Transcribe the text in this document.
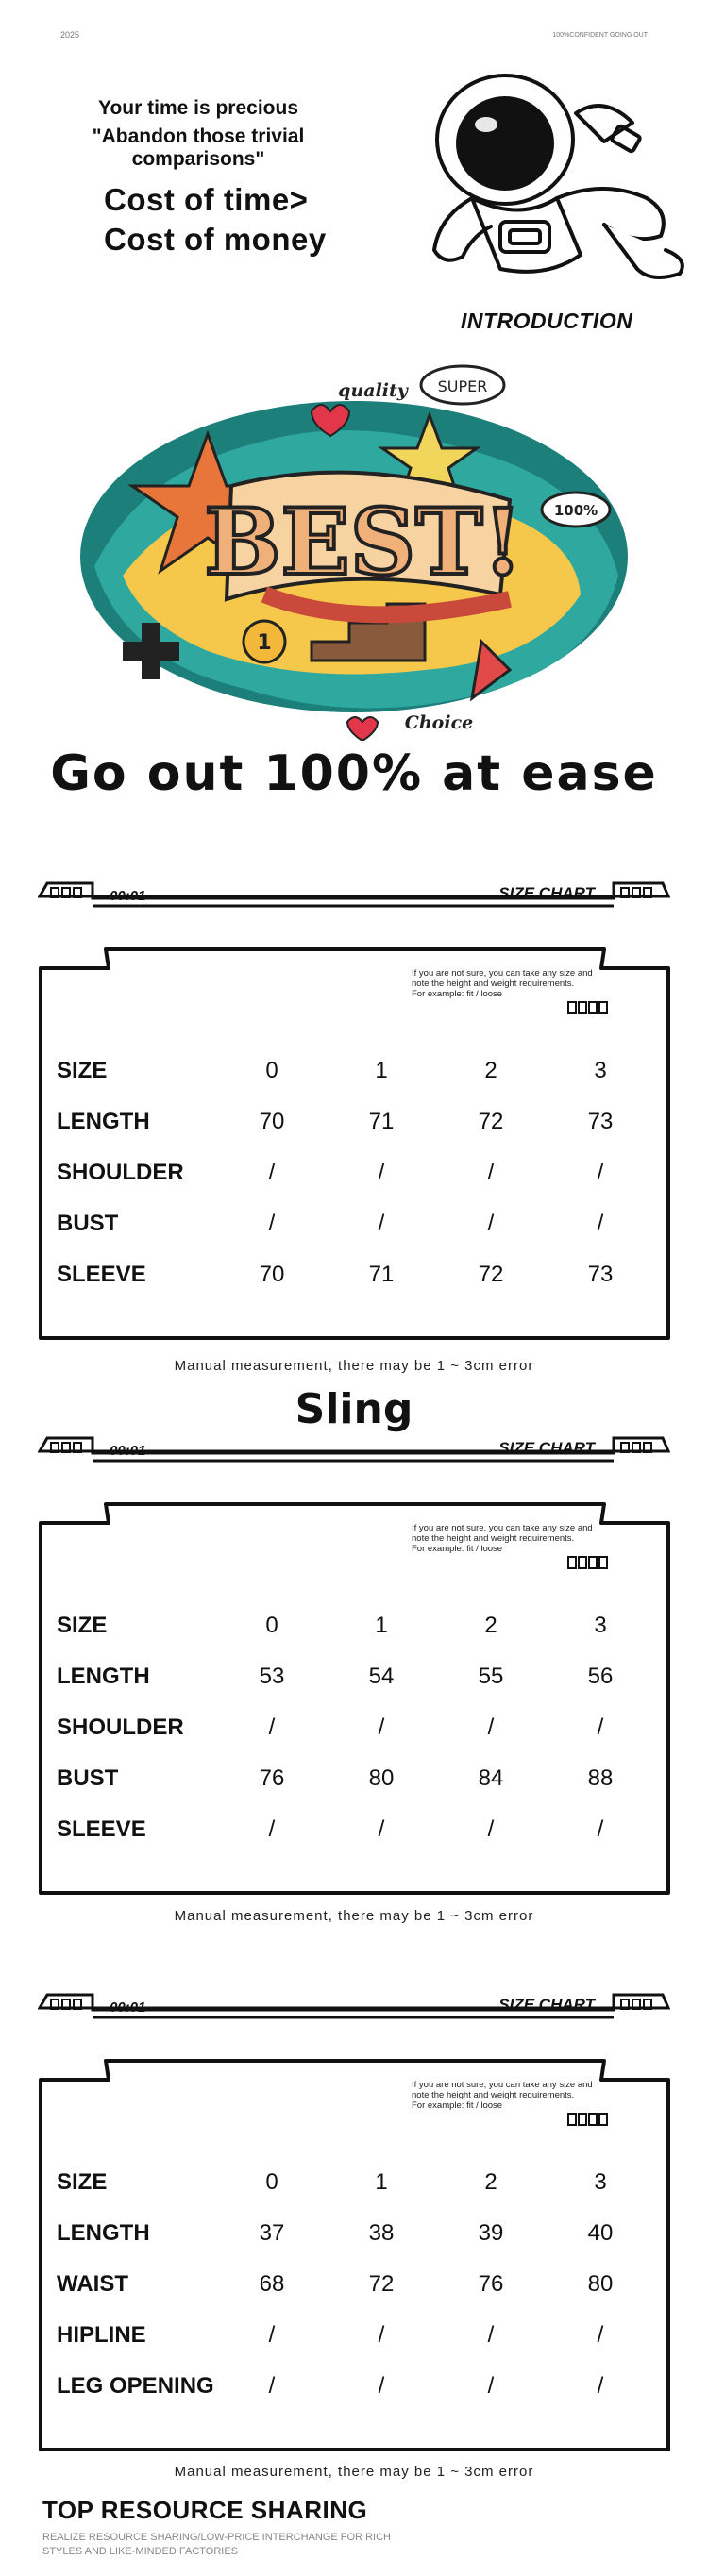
2025	100%CONFIDENT GOING OUT
Your time is precious
"Abandon those trivial comparisons"
Cost of time>
Cost of money
INTRODUCTION
1
BEST!
SUPER
quality
100%
Choice
Go out 100% at ease
00:01	SIZE CHART
If you are not sure, you can take any size and
note the height and weight requirements.
For example: fit / loose
SIZE	0	1	2	3
LENGTH	70	71	72	73
SHOULDER	/	/	/	/
BUST	/	/	/	/
SLEEVE	70	71	72	73
Manual measurement, there may be 1 ~ 3cm error
Sling
00:01	SIZE CHART
If you are not sure, you can take any size and
note the height and weight requirements.
For example: fit / loose
SIZE	0	1	2	3
LENGTH	53	54	55	56
SHOULDER	/	/	/	/
BUST	76	80	84	88
SLEEVE	/	/	/	/
Manual measurement, there may be 1 ~ 3cm error
00:01	SIZE CHART
If you are not sure, you can take any size and
note the height and weight requirements.
For example: fit / loose
SIZE	0	1	2	3
LENGTH	37	38	39	40
WAIST	68	72	76	80
HIPLINE	/	/	/	/
LEG OPENING	/	/	/	/
Manual measurement, there may be 1 ~ 3cm error
TOP RESOURCE SHARING
REALIZE RESOURCE SHARING/LOW-PRICE INTERCHANGE FOR RICH
STYLES AND LIKE-MINDED FACTORIES
